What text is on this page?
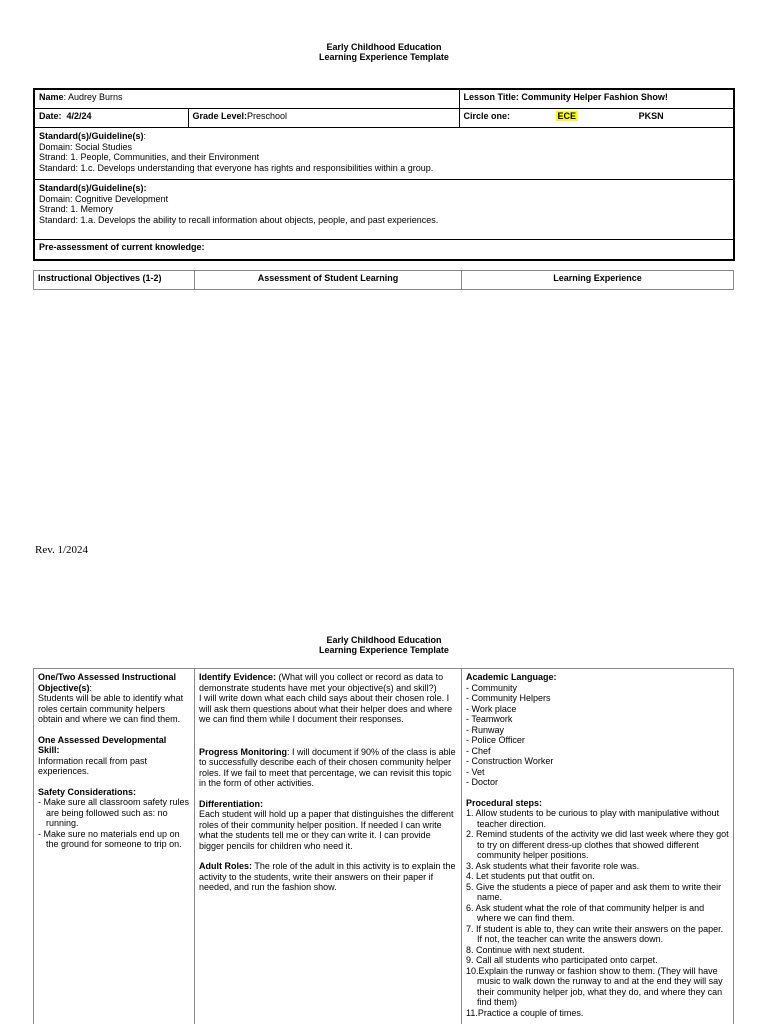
Early Childhood Education
Learning Experience Template
Name: Audrey Burns		Lesson Title: Community Helper Fashion Show!
Date: 4/2/24	Grade Level:Preschool	Circle one: ECE PKSN

Standard(s)/Guideline(s):
Domain: Social Studies
Strand: 1. People, Communities, and their Environment
Standard: 1.c. Develops understanding that everyone has rights and responsibilities within a group.		

Standard(s)/Guideline(s):
Domain: Cognitive Development
Strand: 1. Memory
Standard: 1.a. Develops the ability to recall information about objects, people, and past experiences.		

Pre-assessment of current knowledge:		
Instructional Objectives (1-2)	Assessment of Student Learning	Learning Experience
Rev. 1/2024
Early Childhood Education
Learning Experience Template
One/Two Assessed Instructional Objective(s):
Students will be able to identify what roles certain community helpers obtain and where we can find them.
One Assessed Developmental Skill:
Information recall from past experiences.
Safety Considerations:
- Make sure all classroom safety rules are being followed such as: no running.
- Make sure no materials end up on the ground for someone to trip on.

Identify Evidence: (What will you collect or record as data to demonstrate students have met your objective(s) and skill?)
I will write down what each child says about their chosen role. I will ask them questions about what their helper does and where we can find them while I document their responses.
Progress Monitoring: I will document if 90% of the class is able to successfully describe each of their chosen community helper roles. If we fail to meet that percentage, we can revisit this topic in the form of other activities.
Differentiation:
Each student will hold up a paper that distinguishes the different roles of their community helper position. If needed I can write what the students tell me or they can write it. I can provide bigger pencils for children who need it.
Adult Roles: The role of the adult in this activity is to explain the activity to the students, write their answers on their paper if needed, and run the fashion show.

Academic Language:
- Community
- Community Helpers
- Work place
- Teamwork
- Runway
- Police Officer
- Chef
- Construction Worker
- Vet
- Doctor
Procedural steps:
1. Allow students to be curious to play with manipulative without teacher direction.
2. Remind students of the activity we did last week where they got to try on different dress-up clothes that showed different community helper positions.
3. Ask students what their favorite role was.
4. Let students put that outfit on.
5. Give the students a piece of paper and ask them to write their name.
6. Ask student what the role of that community helper is and where we can find them.
7. If student is able to, they can write their answers on the paper. If not, the teacher can write the answers down.
8. Continue with next student.
9. Call all students who participated onto carpet.
10.Explain the runway or fashion show to them. (They will have music to walk down the runway to and at the end they will say their community helper job, what they do, and where they can find them)
11.Practice a couple of times.
